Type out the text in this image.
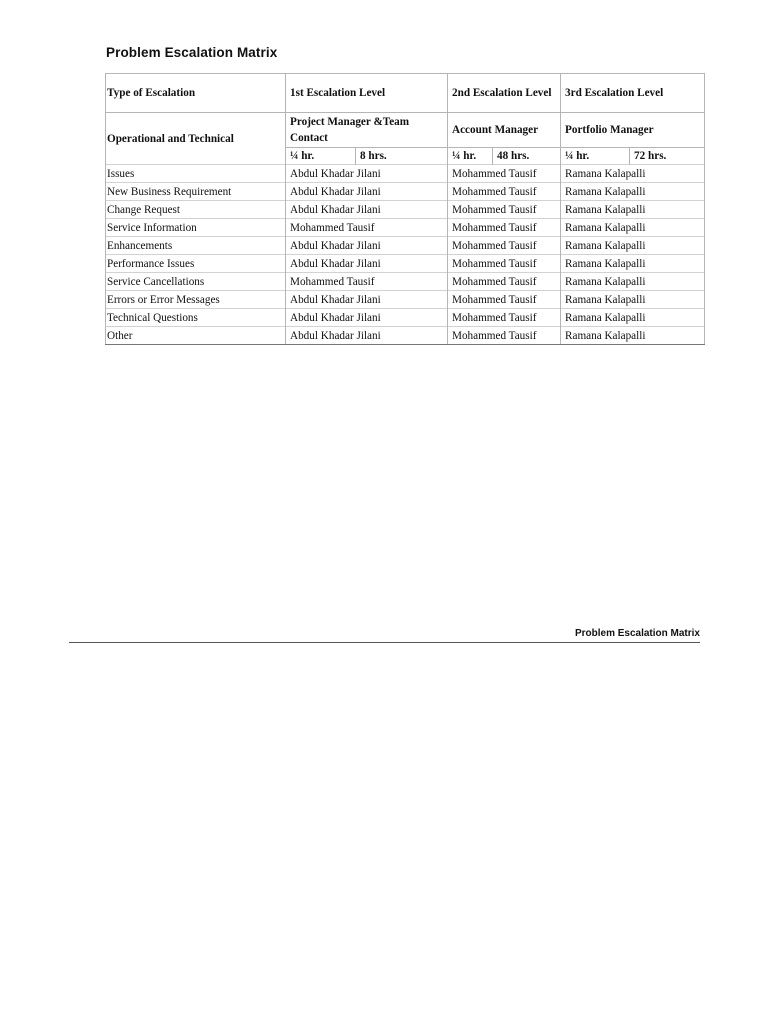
Problem Escalation Matrix
Type of Escalation	1st Escalation Level		2nd Escalation Level		3rd Escalation Level	
Operational and Technical	Project Manager &Team Contact		Account Manager		Portfolio Manager	
	¼ hr.	8 hrs.	¼ hr.	48 hrs.	¼ hr.	72 hrs.
Issues	Abdul Khadar Jilani		Mohammed Tausif		Ramana Kalapalli	
New Business Requirement	Abdul Khadar Jilani		Mohammed Tausif		Ramana Kalapalli	
Change Request	Abdul Khadar Jilani		Mohammed Tausif		Ramana Kalapalli	
Service Information	Mohammed Tausif		Mohammed Tausif		Ramana Kalapalli	
Enhancements	Abdul Khadar Jilani		Mohammed Tausif		Ramana Kalapalli	
Performance Issues	Abdul Khadar Jilani		Mohammed Tausif		Ramana Kalapalli	
Service Cancellations	Mohammed Tausif		Mohammed Tausif		Ramana Kalapalli	
Errors or Error Messages	Abdul Khadar Jilani		Mohammed Tausif		Ramana Kalapalli	
Technical Questions	Abdul Khadar Jilani		Mohammed Tausif		Ramana Kalapalli	
Other	Abdul Khadar Jilani		Mohammed Tausif		Ramana Kalapalli	
Problem Escalation Matrix
